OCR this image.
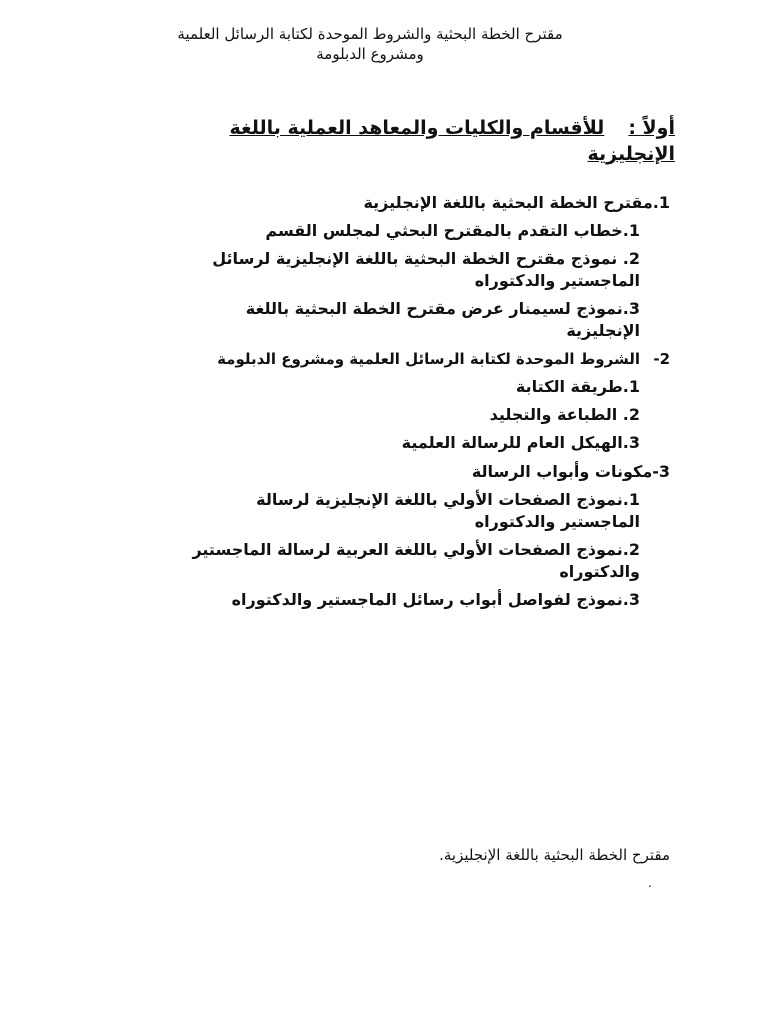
مقترح الخطة البحثية والشروط الموحدة لكتابة الرسائل العلمية
ومشروع الدبلومة
أولاً :للأقسام والكليات والمعاهد العملية باللغة
الإنجليزية
1.مقترح الخطة البحثية باللغة الإنجليزية
1.خطاب التقدم بالمقترح البحثي لمجلس القسم
2. نموذج مقترح الخطة البحثية باللغة الإنجليزية لرسائل
الماجستير والدكتوراه
3.نموذج لسيمنار عرض مقترح الخطة البحثية باللغة
الإنجليزية
2-
الشروط الموحدة لكتابة الرسائل العلمية ومشروع الدبلومة
1.طريقة الكتابة
2. الطباعة والتجليد
3.الهيكل العام للرسالة العلمية
3-مكونات وأبواب الرسالة
1.نموذج الصفحات الأولي باللغة الإنجليزية لرسالة
الماجستير والدكتوراه
2.نموذج الصفحات الأولي باللغة العربية لرسالة الماجستير
والدكتوراه
3.نموذج لفواصل أبواب رسائل الماجستير والدكتوراه
مقترح الخطة البحثية باللغة الإنجليزية.
.
